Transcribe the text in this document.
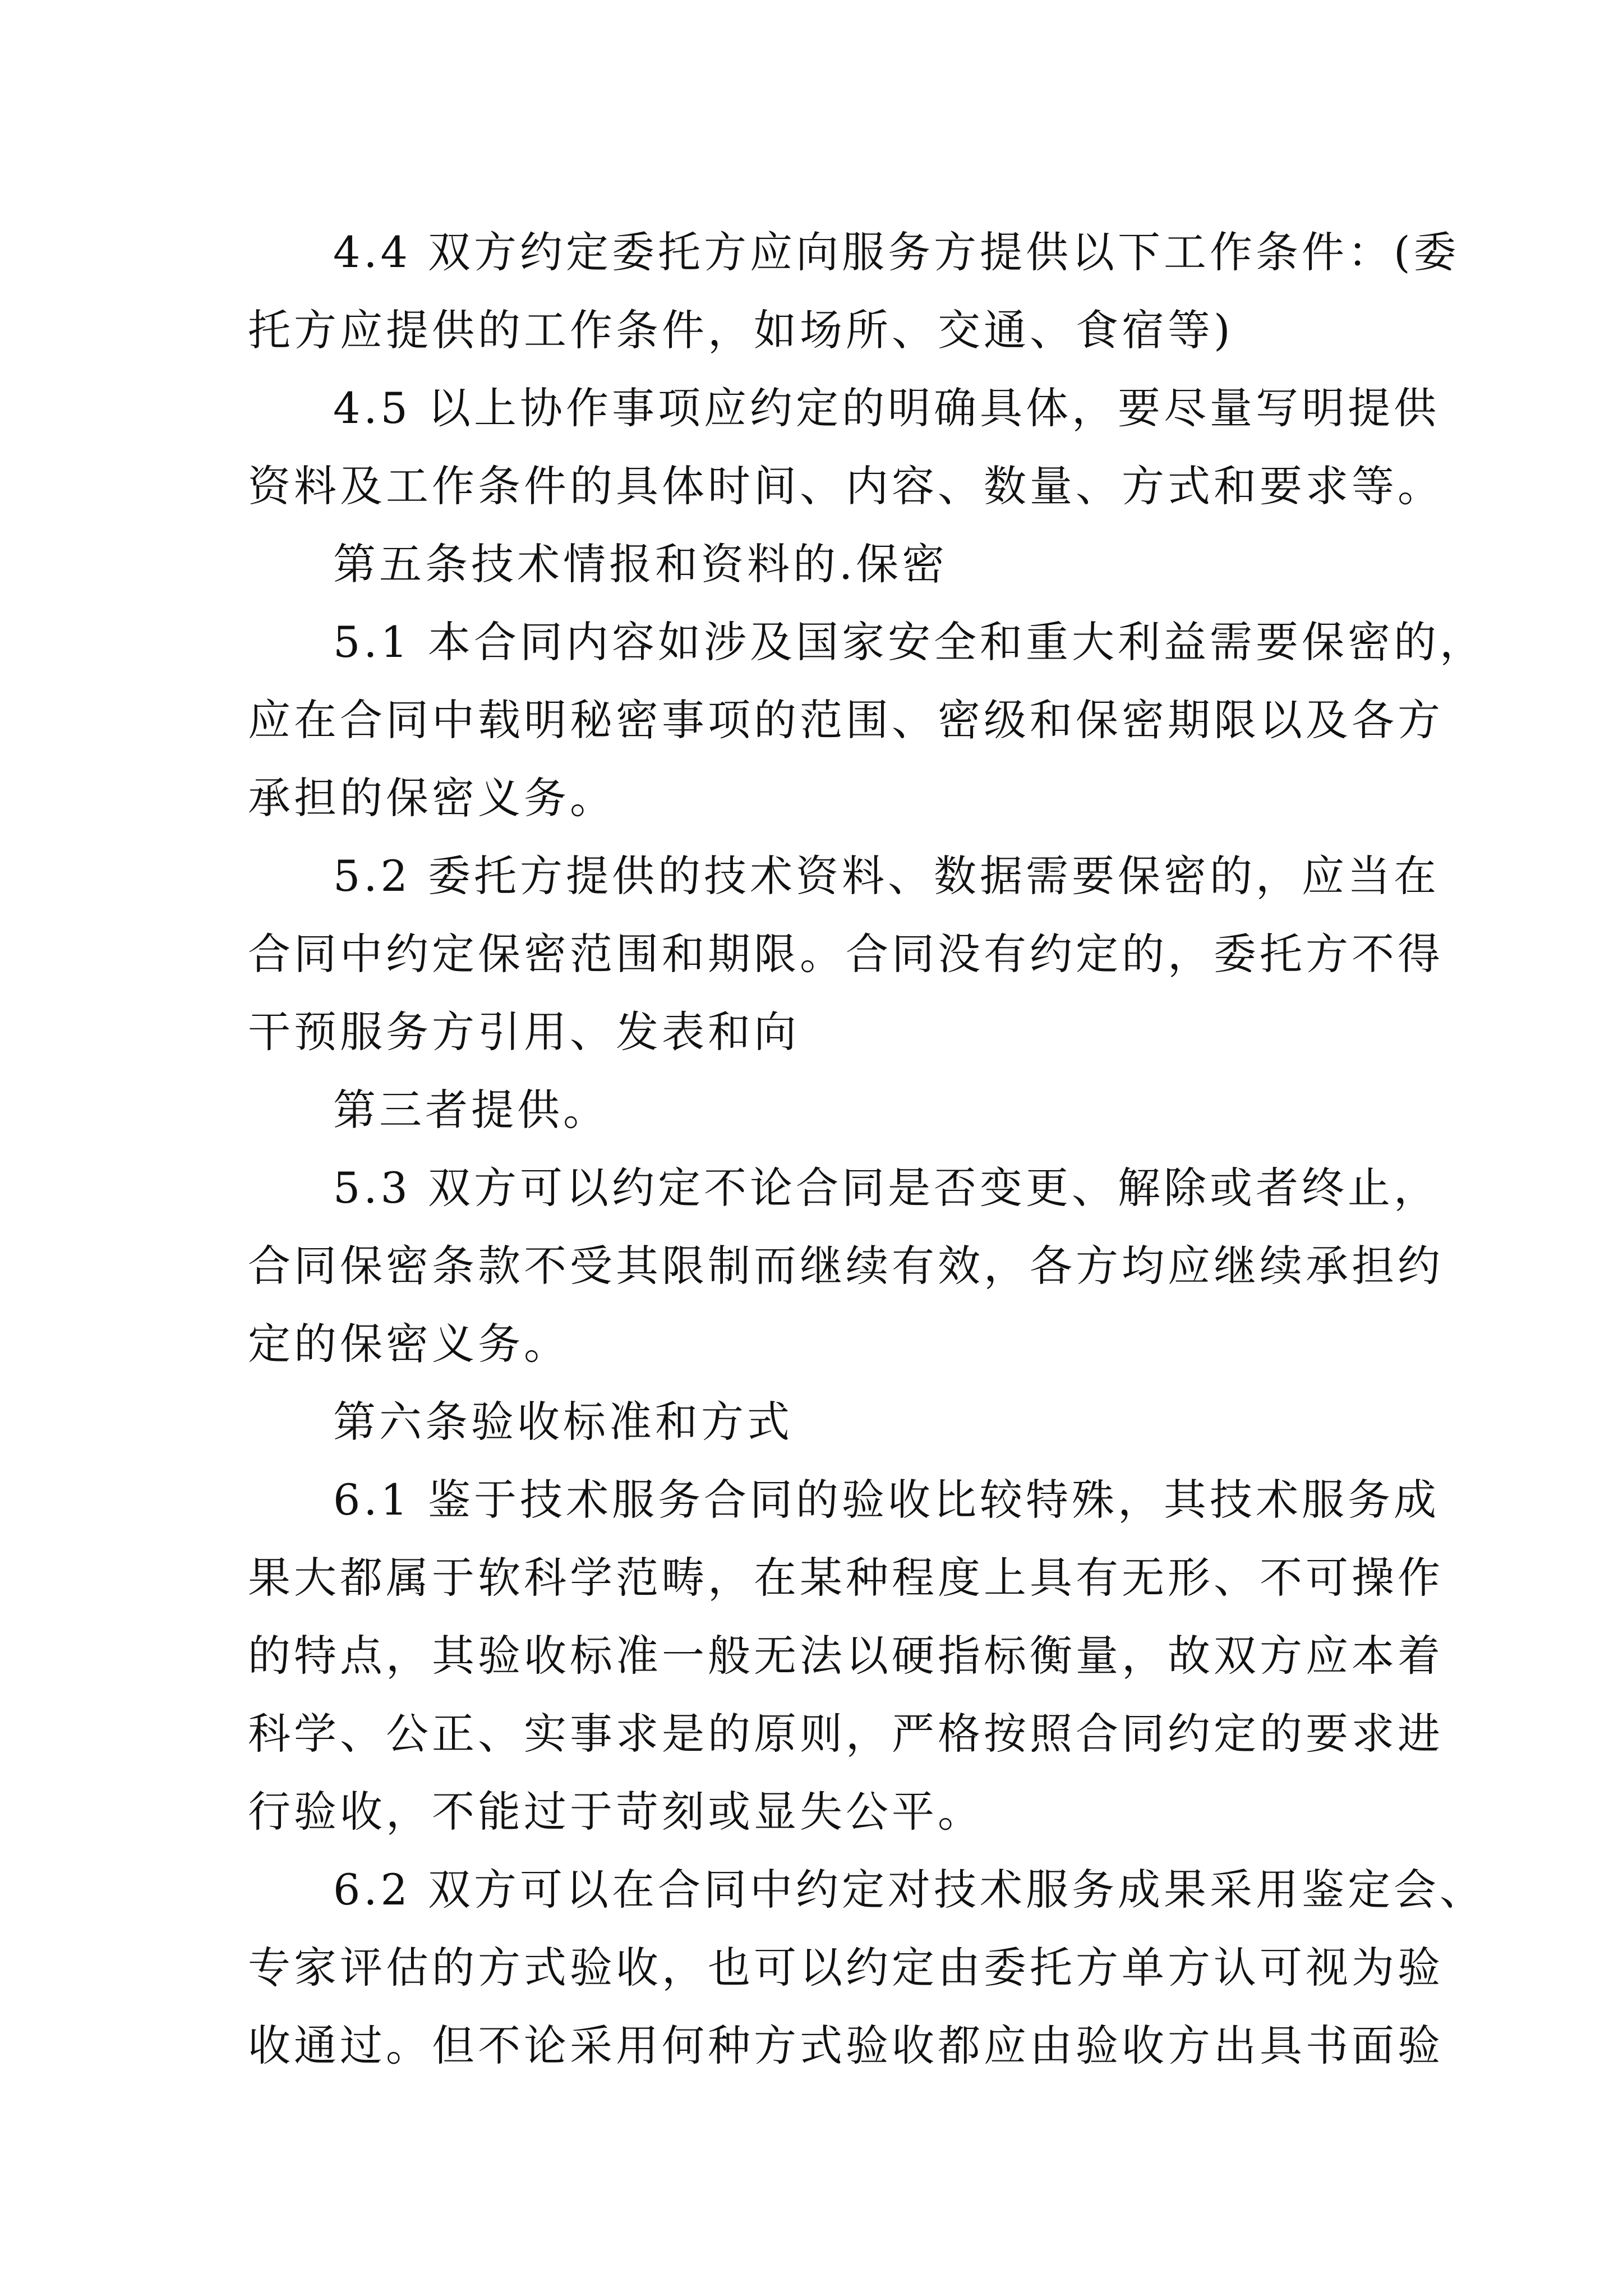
4.4 双方约定委托方应向服务方提供以下工作条件：(委

托方应提供的工作条件，如场所、交通、食宿等)

4.5 以上协作事项应约定的明确具体，要尽量写明提供

资料及工作条件的具体时间、内容、数量、方式和要求等。

第五条技术情报和资料的.保密

5.1 本合同内容如涉及国家安全和重大利益需要保密的，

应在合同中载明秘密事项的范围、密级和保密期限以及各方

承担的保密义务。

5.2 委托方提供的技术资料、数据需要保密的，应当在

合同中约定保密范围和期限。合同没有约定的，委托方不得

干预服务方引用、发表和向

第三者提供。

5.3 双方可以约定不论合同是否变更、解除或者终止，

合同保密条款不受其限制而继续有效，各方均应继续承担约

定的保密义务。

第六条验收标准和方式

6.1 鉴于技术服务合同的验收比较特殊，其技术服务成

果大都属于软科学范畴，在某种程度上具有无形、不可操作

的特点，其验收标准一般无法以硬指标衡量，故双方应本着

科学、公正、实事求是的原则，严格按照合同约定的要求进

行验收，不能过于苛刻或显失公平。

6.2 双方可以在合同中约定对技术服务成果采用鉴定会、

专家评估的方式验收，也可以约定由委托方单方认可视为验

收通过。但不论采用何种方式验收都应由验收方出具书面验
